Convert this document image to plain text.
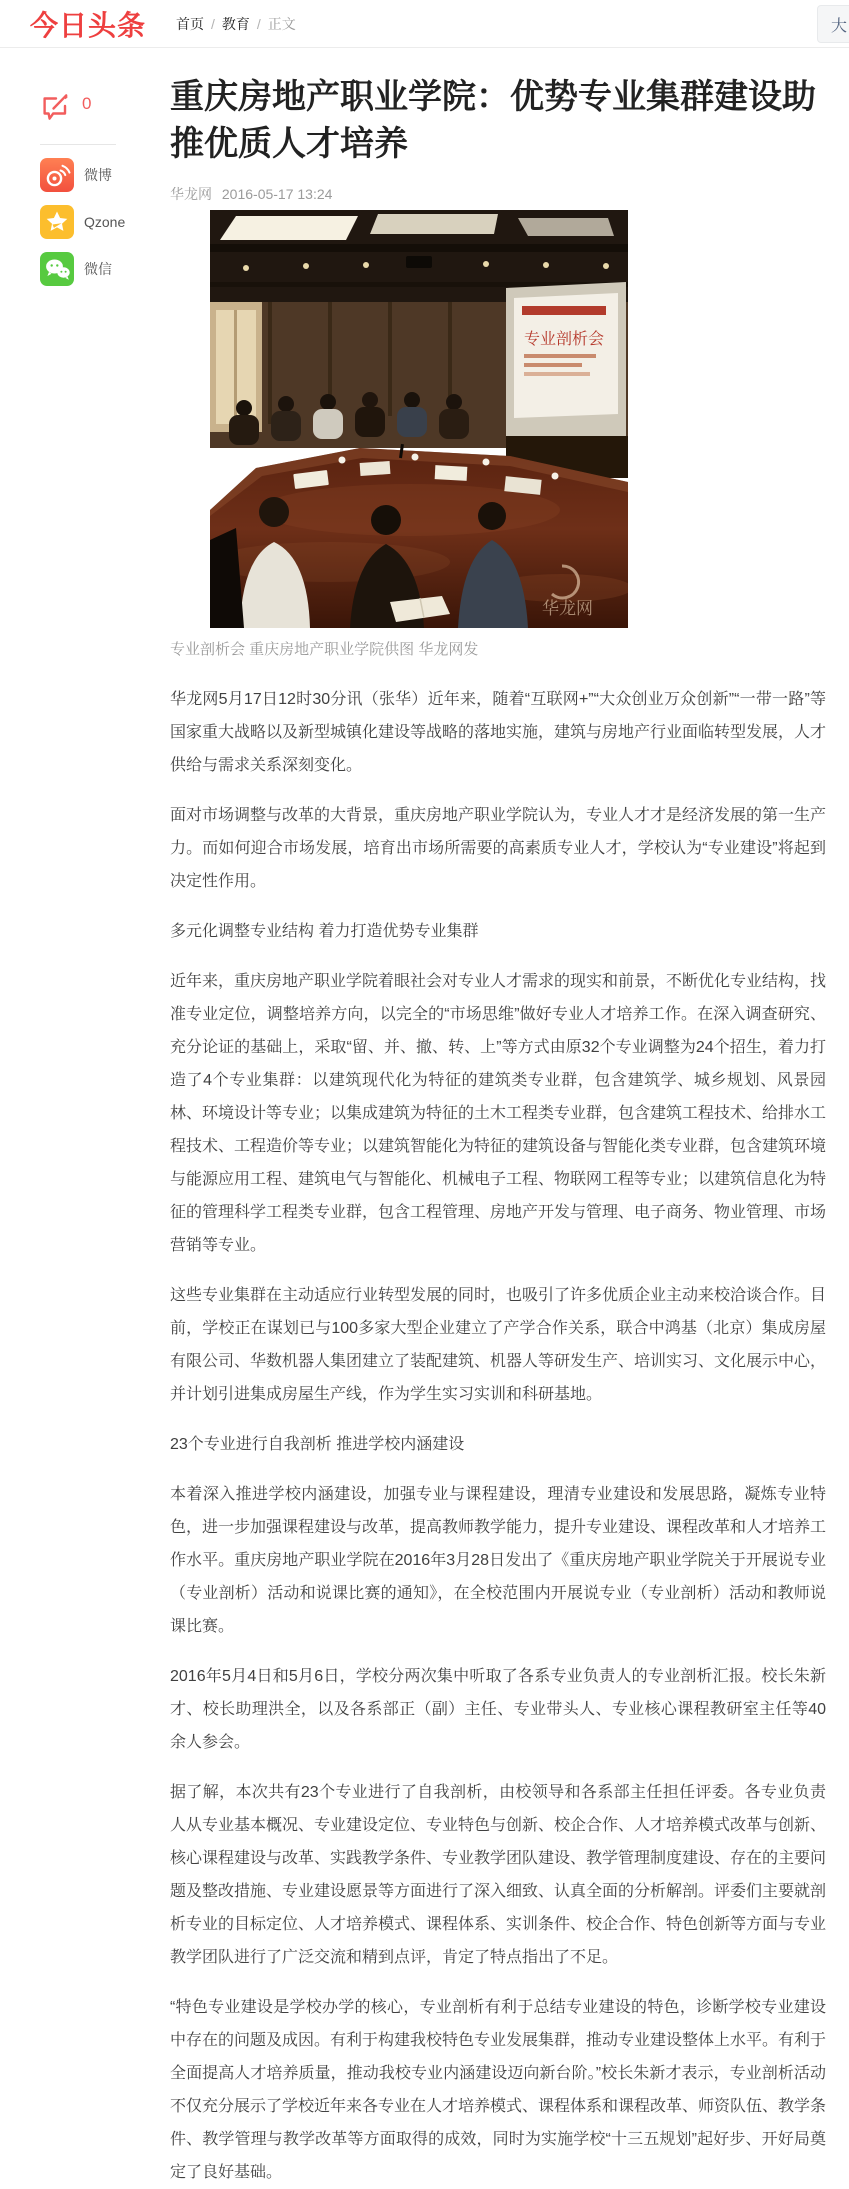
今日头条 首页 / 教育 / 正文	大
0
微博
Qzone
微信
重庆房地产职业学院：优势专业集群建设助推优质人才培养
华龙网 2016-05-17 13:24
专业剖析会
华龙网

专业剖析会 重庆房地产职业学院供图 华龙网发

华龙网5月17日12时30分讯（张华）近年来，随着“互联网+”“大众创业万众创新”“一带一路”等国家重大战略以及新型城镇化建设等战略的落地实施，建筑与房地产行业面临转型发展，人才供给与需求关系深刻变化。

面对市场调整与改革的大背景，重庆房地产职业学院认为，专业人才才是经济发展的第一生产力。而如何迎合市场发展，培育出市场所需要的高素质专业人才，学校认为“专业建设”将起到决定性作用。

多元化调整专业结构 着力打造优势专业集群

近年来，重庆房地产职业学院着眼社会对专业人才需求的现实和前景，不断优化专业结构，找准专业定位，调整培养方向，以完全的“市场思维”做好专业人才培养工作。在深入调查研究、充分论证的基础上，采取“留、并、撤、转、上”等方式由原32个专业调整为24个招生，着力打造了4个专业集群：以建筑现代化为特征的建筑类专业群，包含建筑学、城乡规划、风景园林、环境设计等专业；以集成建筑为特征的土木工程类专业群，包含建筑工程技术、给排水工程技术、工程造价等专业；以建筑智能化为特征的建筑设备与智能化类专业群，包含建筑环境与能源应用工程、建筑电气与智能化、机械电子工程、物联网工程等专业；以建筑信息化为特征的管理科学工程类专业群，包含工程管理、房地产开发与管理、电子商务、物业管理、市场营销等专业。

这些专业集群在主动适应行业转型发展的同时，也吸引了许多优质企业主动来校洽谈合作。目前，学校正在谋划已与100多家大型企业建立了产学合作关系，联合中鸿基（北京）集成房屋有限公司、华数机器人集团建立了装配建筑、机器人等研发生产、培训实习、文化展示中心，并计划引进集成房屋生产线，作为学生实习实训和科研基地。

23个专业进行自我剖析 推进学校内涵建设

本着深入推进学校内涵建设，加强专业与课程建设，理清专业建设和发展思路，凝炼专业特色，进一步加强课程建设与改革，提高教师教学能力，提升专业建设、课程改革和人才培养工作水平。重庆房地产职业学院在2016年3月28日发出了《重庆房地产职业学院关于开展说专业（专业剖析）活动和说课比赛的通知》，在全校范围内开展说专业（专业剖析）活动和教师说课比赛。

2016年5月4日和5月6日，学校分两次集中听取了各系专业负责人的专业剖析汇报。校长朱新才、校长助理洪全，以及各系部正（副）主任、专业带头人、专业核心课程教研室主任等40余人参会。

据了解，本次共有23个专业进行了自我剖析，由校领导和各系部主任担任评委。各专业负责人从专业基本概况、专业建设定位、专业特色与创新、校企合作、人才培养模式改革与创新、核心课程建设与改革、实践教学条件、专业教学团队建设、教学管理制度建设、存在的主要问题及整改措施、专业建设愿景等方面进行了深入细致、认真全面的分析解剖。评委们主要就剖析专业的目标定位、人才培养模式、课程体系、实训条件、校企合作、特色创新等方面与专业教学团队进行了广泛交流和精到点评，肯定了特点指出了不足。

“特色专业建设是学校办学的核心，专业剖析有利于总结专业建设的特色，诊断学校专业建设中存在的问题及成因。有利于构建我校特色专业发展集群，推动专业建设整体上水平。有利于全面提高人才培养质量，推动我校专业内涵建设迈向新台阶。”校长朱新才表示，专业剖析活动不仅充分展示了学校近年来各专业在人才培养模式、课程体系和课程改革、师资队伍、教学条件、教学管理与教学改革等方面取得的成效，同时为实施学校“十三五规划”起好步、开好局奠定了良好基础。
